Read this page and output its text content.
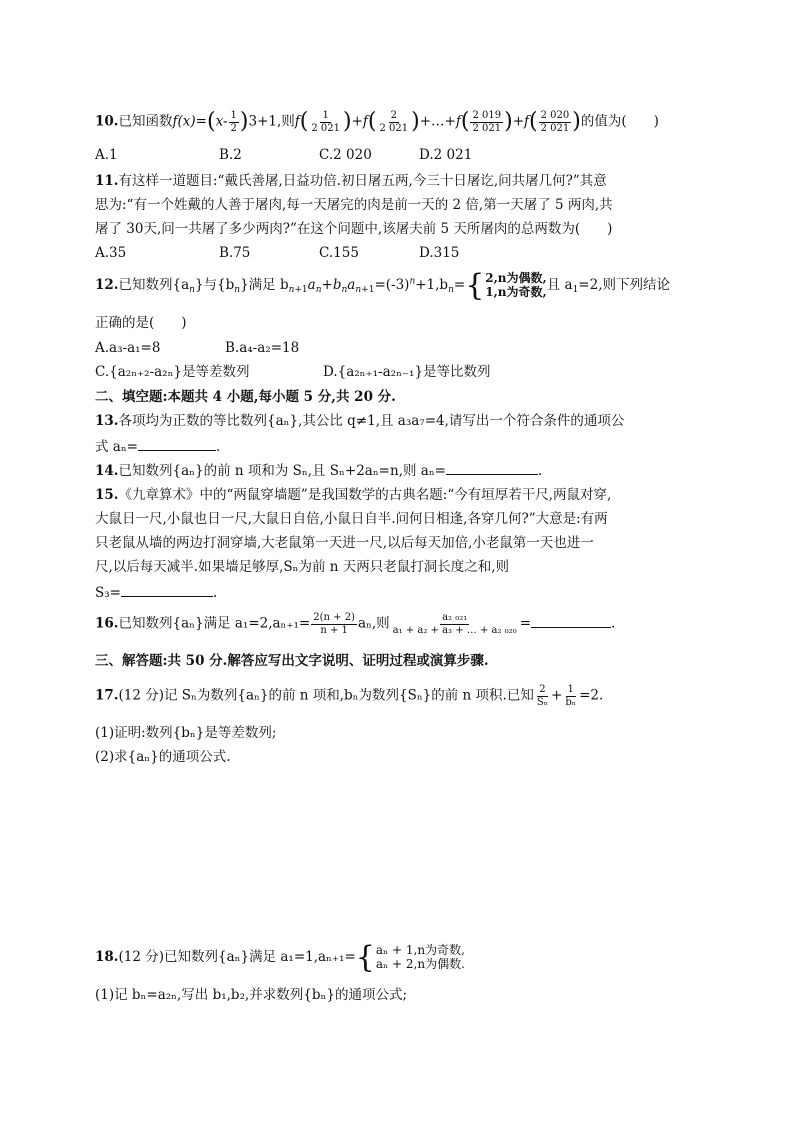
10.已知函数$f(x)=(x- \frac{1}{2} )3+1$,则$f( \frac{1}{2 021} )+f( \frac{2}{2 021}$ )+…+f( $\frac{2 019}{2 021} )+f( \frac{2 020}{2 021}$ )的值为(　　)
A.1	B.2	C.2 020	D.2 021
11.有这样一道题目:“戴氏善屠,日益功倍.初日屠五两,今三十日屠讫,问共屠几何?”其意
思为:“有一个姓戴的人善于屠肉,每一天屠完的肉是前一天的 2 倍,第一天屠了 5 两肉,共
屠了 30天,问一共屠了多少两肉?”在这个问题中,该屠夫前 5 天所屠肉的总两数为(　　)
A.35	B.75	C.155	D.315
12.已知数列$\{a_n\}$与$\{b_n\}$满足 $b_{n+1}a_n+b_na_{n+1}=(-3)^n+1,b_n=$ { 2,n为偶数,
1,n为奇数, 且 $a_1=2$,则下列结论
正确的是(　　)
A.a₃-a₁=8	B.a₄-a₂=18
C.{a₂ₙ₊₂-a₂ₙ}是等差数列	D.{a₂ₙ₊₁-a₂ₙ₋₁}是等比数列
二、填空题:本题共 4 小题,每小题 5 分,共 20 分.
13.各项均为正数的等比数列{aₙ},其公比 q≠1,且 a₃a₇=4,请写出一个符合条件的通项公
式 aₙ=	.
14.已知数列{aₙ}的前 n 项和为 Sₙ,且 Sₙ+2aₙ=n,则 aₙ=	.
15.《九章算术》中的“两鼠穿墙题”是我国数学的古典名题:“今有垣厚若干尺,两鼠对穿,
大鼠日一尺,小鼠也日一尺,大鼠日自倍,小鼠日自半.问何日相逢,各穿几何?”大意是:有两
只老鼠从墙的两边打洞穿墙,大老鼠第一天进一尺,以后每天加倍,小老鼠第一天也进一
尺,以后每天减半.如果墙足够厚,Sₙ为前 n 天两只老鼠打洞长度之和,则
S₃=	.
16.已知数列{aₙ}满足 $a_1=2,a_{n+1}= \frac{2(n + 2)}{n + 1} a_n$,则 $\frac{\text{a₂ ₀₂₁}}{\text{a₁ + a₂ + a₃ + … + a₂ ₀₂₀}}$ =	.
三、解答题:共 50 分.解答应写出文字说明、证明过程或演算步骤.
17.(12 分)记 Sₙ为数列{aₙ}的前 n 项和,bₙ为数列{Sₙ}的前 n 项积.已知 $\frac{2}{\text{Sₙ}} + \frac{1}{\text{bₙ}} =2$.
(1)证明:数列{bₙ}是等差数列;
(2)求{aₙ}的通项公式.
18.(12 分)已知数列{aₙ}满足 a₁=1,aₙ₊₁= { aₙ + 1,n为奇数,
aₙ + 2,n为偶数.
(1)记 bₙ=a₂ₙ,写出 b₁,b₂,并求数列{bₙ}的通项公式;
